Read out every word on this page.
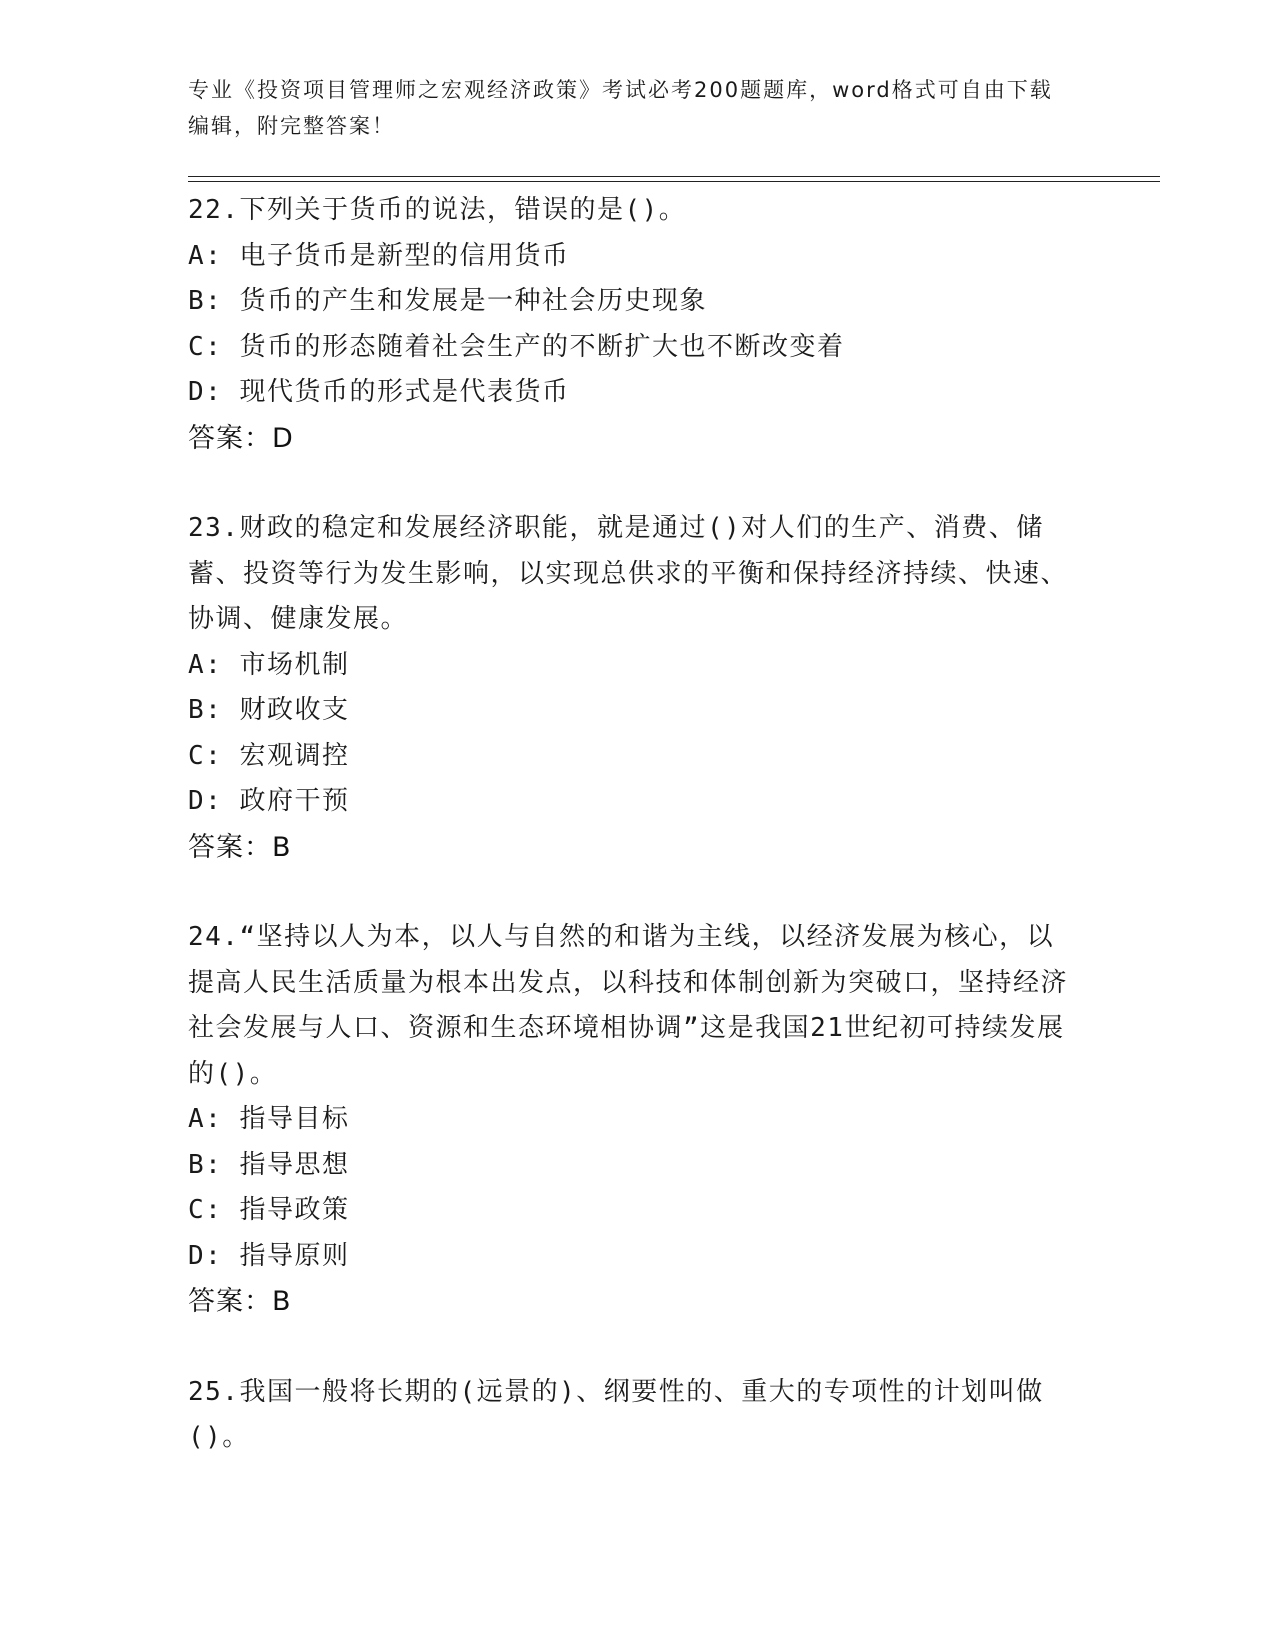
专业《投资项目管理师之宏观经济政策》考试必考200题题库，word格式可自由下载编辑，附完整答案！
22.下列关于货币的说法，错误的是()。
A: 电子货币是新型的信用货币
B: 货币的产生和发展是一种社会历史现象
C: 货币的形态随着社会生产的不断扩大也不断改变着
D: 现代货币的形式是代表货币
答案：D
23.财政的稳定和发展经济职能，就是通过()对人们的生产、消费、储蓄、投资等行为发生影响，以实现总供求的平衡和保持经济持续、快速、协调、健康发展。
A: 市场机制
B: 财政收支
C: 宏观调控
D: 政府干预
答案：B
24.“坚持以人为本，以人与自然的和谐为主线，以经济发展为核心，以提高人民生活质量为根本出发点，以科技和体制创新为突破口，坚持经济社会发展与人口、资源和生态环境相协调”这是我国21世纪初可持续发展的()。
A: 指导目标
B: 指导思想
C: 指导政策
D: 指导原则
答案：B
25.我国一般将长期的(远景的)、纲要性的、重大的专项性的计划叫做()。
